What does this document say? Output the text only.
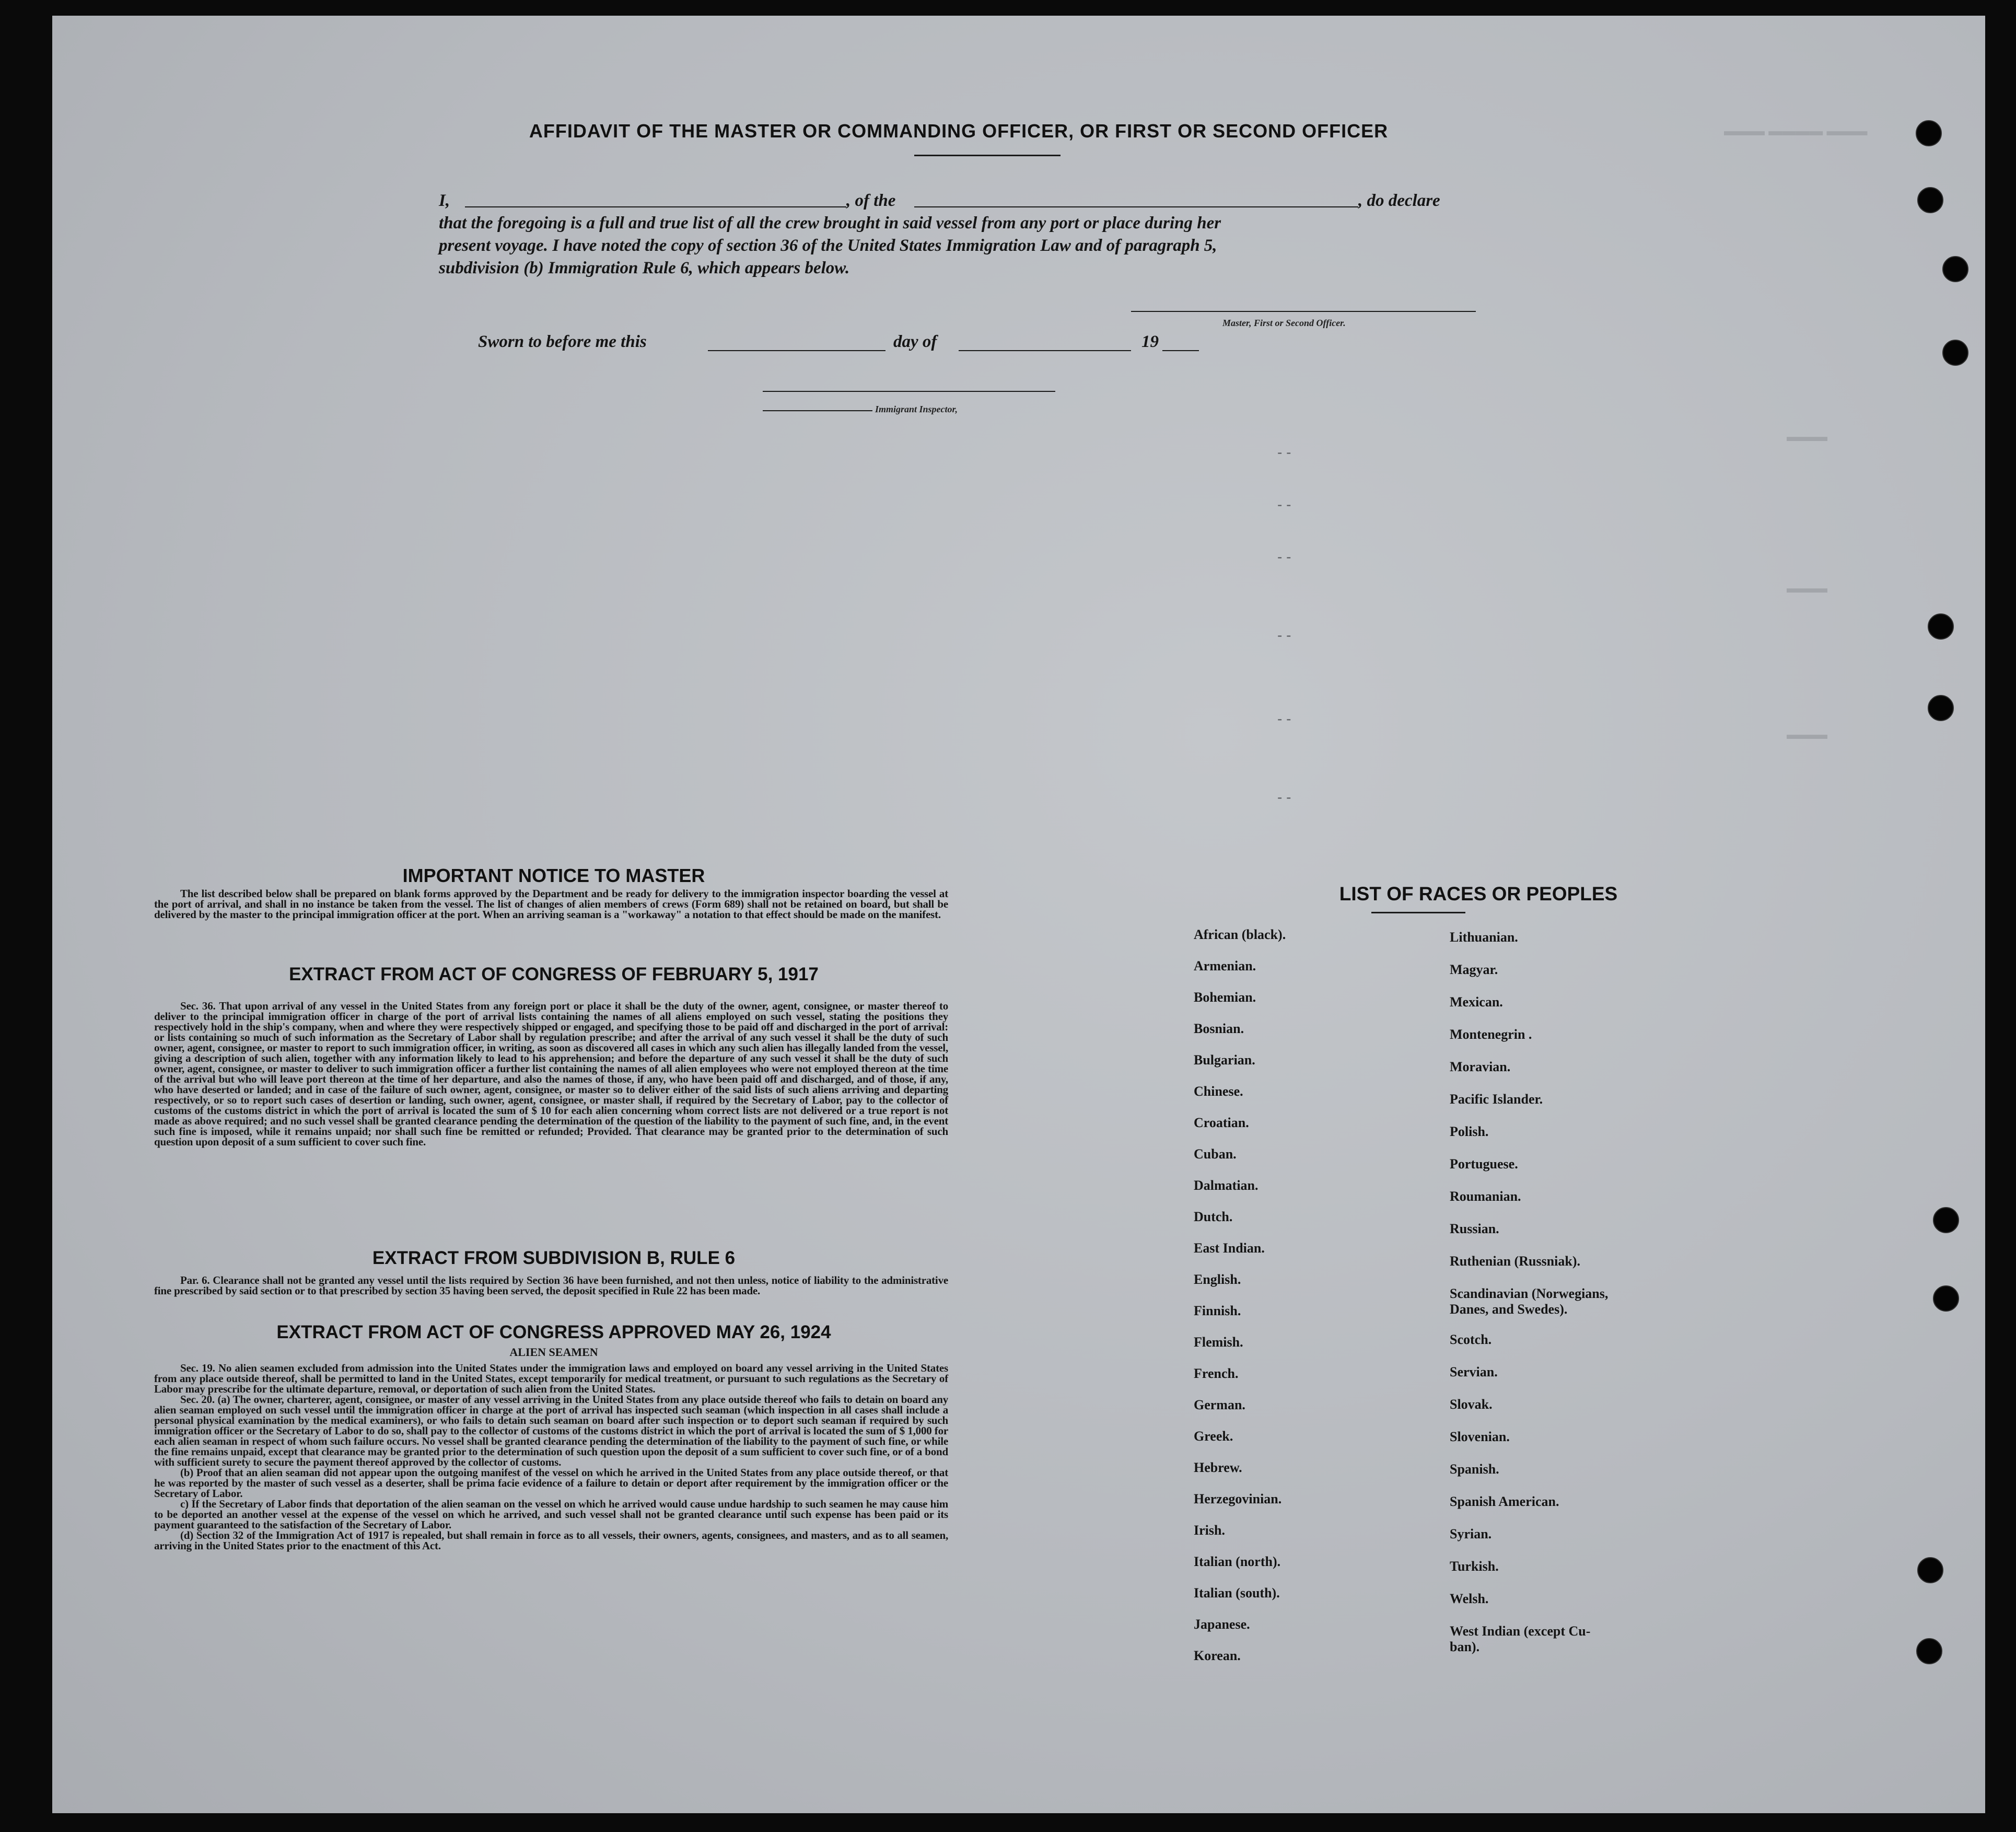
AFFIDAVIT OF THE MASTER OR COMMANDING OFFICER, OR FIRST OR SECOND OFFICER
I,	, of the	, do declare
that the foregoing is a full and true list of all the crew brought in said vessel from any port or place during her
present voyage. I have noted the copy of section 36 of the United States Immigration Law and of paragraph 5,
subdivision (b) Immigration Rule 6, which appears below.
Master, First or Second Officer.
Sworn to before me this	day of	19
Immigrant Inspector,
- -
- -
- -
- -
- -
- -
IMPORTANT NOTICE TO MASTER

The list described below shall be prepared on blank forms approved by the Department and be ready for delivery to the immigration inspector boarding the vessel at the port of arrival, and shall in no instance be taken from the vessel. The list of changes of alien members of crews (Form 689) shall not be retained on board, but shall be delivered by the master to the principal immigration officer at the port. When an arriving seaman is a "workaway" a notation to that effect should be made on the manifest.

EXTRACT FROM ACT OF CONGRESS OF FEBRUARY 5, 1917

Sec. 36. That upon arrival of any vessel in the United States from any foreign port or place it shall be the duty of the owner, agent, consignee, or master thereof to deliver to the principal immigration officer in charge of the port of arrival lists containing the names of all aliens employed on such vessel, stating the positions they respectively hold in the ship's company, when and where they were respectively shipped or engaged, and specifying those to be paid off and discharged in the port of arrival: or lists containing so much of such information as the Secretary of Labor shall by regulation prescribe; and after the arrival of any such vessel it shall be the duty of such owner, agent, consignee, or master to report to such immigration officer, in writing, as soon as discovered all cases in which any such alien has illegally landed from the vessel, giving a description of such alien, together with any information likely to lead to his apprehension; and before the departure of any such vessel it shall be the duty of such owner, agent, consignee, or master to deliver to such immigration officer a further list containing the names of all alien employees who were not employed thereon at the time of the arrival but who will leave port thereon at the time of her departure, and also the names of those, if any, who have been paid off and discharged, and of those, if any, who have deserted or landed; and in case of the failure of such owner, agent, consignee, or master so to deliver either of the said lists of such aliens arriving and departing respectively, or so to report such cases of desertion or landing, such owner, agent, consignee, or master shall, if required by the Secretary of Labor, pay to the collector of customs of the customs district in which the port of arrival is located the sum of $ 10 for each alien concerning whom correct lists are not delivered or a true report is not made as above required; and no such vessel shall be granted clearance pending the determination of the question of the liability to the payment of such fine, and, in the event such fine is imposed, while it remains unpaid; nor shall such fine be remitted or refunded; Provided. That clearance may be granted prior to the determination of such question upon deposit of a sum sufficient to cover such fine.

EXTRACT FROM SUBDIVISION B, RULE 6

Par. 6. Clearance shall not be granted any vessel until the lists required by Section 36 have been furnished, and not then unless, notice of liability to the administrative fine prescribed by said section or to that prescribed by section 35 having been served, the deposit specified in Rule 22 has been made.

EXTRACT FROM ACT OF CONGRESS APPROVED MAY 26, 1924
ALIEN SEAMEN

Sec. 19. No alien seamen excluded from admission into the United States under the immigration laws and employed on board any vessel arriving in the United States from any place outside thereof, shall be permitted to land in the United States, except temporarily for medical treatment, or pursuant to such regulations as the Secretary of Labor may prescribe for the ultimate departure, removal, or deportation of such alien from the United States.

Sec. 20. (a) The owner, charterer, agent, consignee, or master of any vessel arriving in the United States from any place outside thereof who fails to detain on board any alien seaman employed on such vessel until the immigration officer in charge at the port of arrival has inspected such seaman (which inspection in all cases shall include a personal physical examination by the medical examiners), or who fails to detain such seaman on board after such inspection or to deport such seaman if required by such immigration officer or the Secretary of Labor to do so, shall pay to the collector of customs of the customs district in which the port of arrival is located the sum of $ 1,000 for each alien seaman in respect of whom such failure occurs. No vessel shall be granted clearance pending the determination of the liability to the payment of such fine, or while the fine remains unpaid, except that clearance may be granted prior to the determination of such question upon the deposit of a sum sufficient to cover such fine, or of a bond with sufficient surety to secure the payment thereof approved by the collector of customs.

(b) Proof that an alien seaman did not appear upon the outgoing manifest of the vessel on which he arrived in the United States from any place outside thereof, or that he was reported by the master of such vessel as a deserter, shall be prima facie evidence of a failure to detain or deport after requirement by the immigration officer or the Secretary of Labor.

c) If the Secretary of Labor finds that deportation of the alien seaman on the vessel on which he arrived would cause undue hardship to such seamen he may cause him to be deported an another vessel at the expense of the vessel on which he arrived, and such vessel shall not be granted clearance until such expense has been paid or its payment guaranteed to the satisfaction of the Secretary of Labor.

(d) Section 32 of the Immigration Act of 1917 is repealed, but shall remain in force as to all vessels, their owners, agents, consignees, and masters, and as to all seamen, arriving in the United States prior to the enactment of this Act.

LIST OF RACES OR PEOPLES
▬▬▬ ▬▬▬▬ ▬▬▬
▬▬▬
▬▬▬
▬▬▬
African (black).
Armenian.
Bohemian.
Bosnian.
Bulgarian.
Chinese.
Croatian.
Cuban.
Dalmatian.
Dutch.
East Indian.
English.
Finnish.
Flemish.
French.
German.
Greek.
Hebrew.
Herzegovinian.
Irish.
Italian (north).
Italian (south).
Japanese.
Korean.
Lithuanian.
Magyar.
Mexican.
Montenegrin .
Moravian.
Pacific Islander.
Polish.
Portuguese.
Roumanian.
Russian.
Ruthenian (Russniak).
Scandinavian (Norwegians,
Danes, and Swedes).
Scotch.
Servian.
Slovak.
Slovenian.
Spanish.
Spanish American.
Syrian.
Turkish.
Welsh.
West Indian (except Cu-
ban).
